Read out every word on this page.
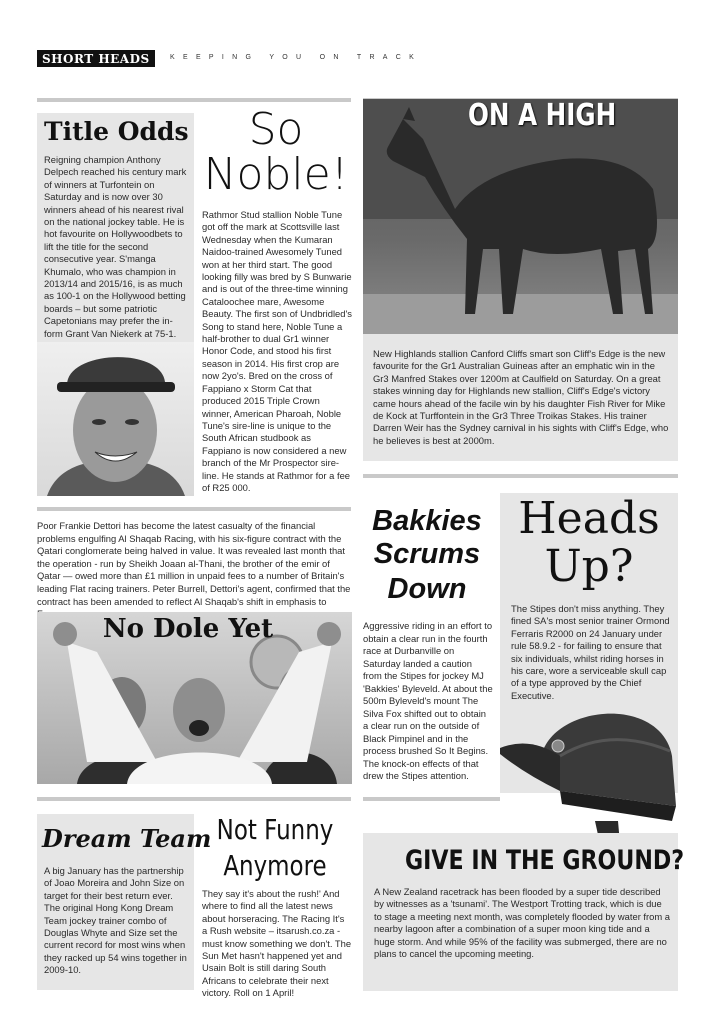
SHORT HEADS	KEEPING YOU ON TRACK
Title Odds
Reigning champion Anthony Delpech reached his century mark of winners at Turfontein on Saturday and is now over 30 winners ahead of his nearest rival on the national jockey table. He is hot favourite on Hollywoodbets to lift the title for the second consecutive year. S'manga Khumalo, who was champion in 2013/14 and 2015/16, is as much as 100-1 on the Hollywood betting boards – but some patriotic Capetonians may prefer the in-form Grant Van Niekerk at 75-1.
So
Noble!
Rathmor Stud stallion Noble Tune got off the mark at Scottsville last Wednesday when the Kumaran Naidoo-trained Awesomely Tuned won at her third start. The good looking filly was bred by S Bunwarie and is out of the three-time winning Cataloochee mare, Awesome Beauty. The first son of Undbridled's Song to stand here, Noble Tune a half-brother to dual Gr1 winner Honor Code, and stood his first season in 2014. His first crop are now 2yo's. Bred on the cross of Fappiano x Storm Cat that produced 2015 Triple Crown winner, American Pharoah, Noble Tune's sire-line is unique to the South African studbook as Fappiano is now considered a new branch of the Mr Prospector sire-line. He stands at Rathmor for a fee of R25 000.
ON A HIGH
New Highlands stallion Canford Cliffs smart son Cliff's Edge is the new favourite for the Gr1 Australian Guineas after an emphatic win in the Gr3 Manfred Stakes over 1200m at Caulfield on Saturday. On a great stakes winning day for Highlands new stallion, Cliff's Edge's victory came hours ahead of the facile win by his daughter Fish River for Mike de Kock at Turffontein in the Gr3 Three Troikas Stakes. His trainer Darren Weir has the Sydney carnival in his sights with Cliff's Edge, who he believes is best at 2000m.
Poor Frankie Dettori has become the latest casualty of the financial problems engulfing Al Shaqab Racing, with his six-figure contract with the Qatari conglomerate being halved in value. It was revealed last month that the operation - run by Sheikh Joaan al-Thani, the brother of the emir of Qatar — owed more than £1 million in unpaid fees to a number of Britain's leading Flat racing trainers. Peter Burrell, Dettori's agent, confirmed that the contract has been amended to reflect Al Shaqab's shift in emphasis to
No Dole Yet
Bakkies
Scrums
Down
Aggressive riding in an effort to obtain a clear run in the fourth race at Durbanville on Saturday landed a caution from the Stipes for jockey MJ 'Bakkies' Byleveld. At about the 500m Byleveld's mount The Silva Fox shifted out to obtain a clear run on the outside of Black Pimpinel and in the process brushed So It Begins. The knock-on effects of that drew the Stipes attention.
Heads
Up?
The Stipes don't miss anything. They fined SA's most senior trainer Ormond Ferraris R2000 on 24 January under rule 58.9.2 - for failing to ensure that six individuals, whilst riding horses in his care, wore a serviceable skull cap of a type approved by the Chief Executive.
Dream Team
A big January has the partnership of Joao Moreira and John Size on target for their best return ever. The original Hong Kong Dream Team jockey trainer combo of Douglas Whyte and Size set the current record for most wins when they racked up 54 wins together in 2009-10.
Not Funny
Anymore
They say it's about the rush!' And where to find all the latest news about horseracing. The Racing It's a Rush website – itsarush.co.za - must know something we don't. The Sun Met hasn't happened yet and Usain Bolt is still daring South Africans to celebrate their next victory. Roll on 1 April!
GIVE IN THE GROUND?
A New Zealand racetrack has been flooded by a super tide described by witnesses as a 'tsunami'. The Westport Trotting track, which is due to stage a meeting next month, was completely flooded by water from a nearby lagoon after a combination of a super moon king tide and a huge storm. And while 95% of the facility was submerged, there are no plans to cancel the upcoming meeting.
